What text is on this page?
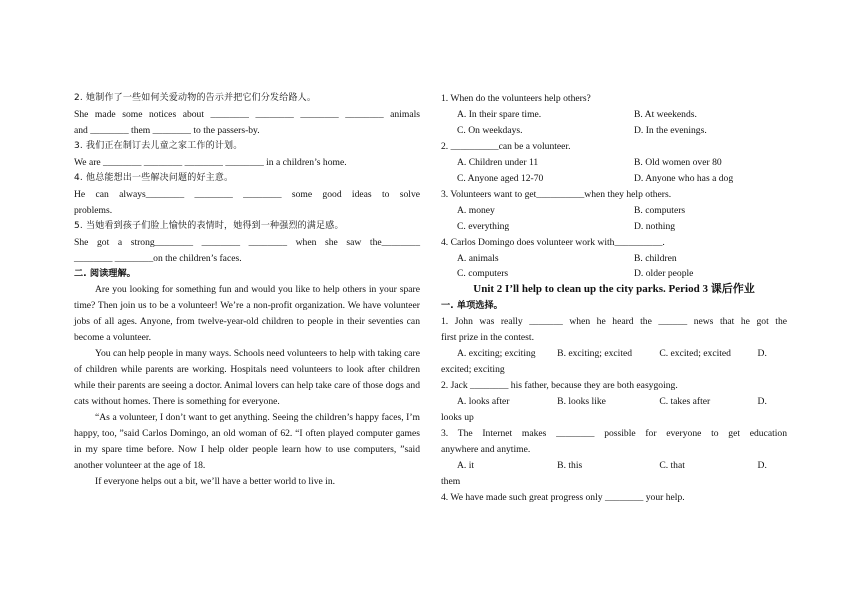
2. 她制作了一些如何关爱动物的告示并把它们分发给路人。
She made some notices about ________ ________ ________ ________ animals
and ________ them ________ to the passers-by.
3. 我们正在制订去儿童之家工作的计划。
We are ________ ________ ________ ________ in a children’s home.
4. 他总能想出一些解决问题的好主意。
He can always________ ________ ________ some good ideas to solve
problems.
5. 当她看到孩子们脸上愉快的表情时，她得到一种强烈的满足感。
She got a strong________ ________ ________ when she saw the________
________ ________on the children’s faces.
二. 阅读理解。
Are you looking for something fun and would you like to help others in your spare time? Then join us to be a volunteer! We’re a non-profit organization. We have volunteer jobs of all ages. Anyone, from twelve-year-old children to people in their seventies can become a volunteer.
You can help people in many ways. Schools need volunteers to help with taking care of children while parents are working. Hospitals need volunteers to look after children while their parents are seeing a doctor. Animal lovers can help take care of those dogs and cats without homes. There is something for everyone.
“As a volunteer, I don’t want to get anything. Seeing the children’s happy faces, I’m happy, too, ”said Carlos Domingo, an old woman of 62. “I often played computer games in my spare time before. Now I help older people learn how to use computers, ”said another volunteer at the age of 18.
If everyone helps out a bit, we’ll have a better world to live in.
1. When do the volunteers help others?
A. In their spare time.	B. At weekends.
C. On weekdays.	D. In the evenings.
2. __________can be a volunteer.
A. Children under 11	B. Old women over 80
C. Anyone aged 12-70	D. Anyone who has a dog
3. Volunteers want to get__________when they help others.
A. money	B. computers
C. everything	D. nothing
4. Carlos Domingo does volunteer work with__________.
A. animals	B. children
C. computers	D. older people
Unit 2 I’ll help to clean up the city parks. Period 3 课后作业
一. 单项选择。
1. John was really _______ when he heard the ______ news that he got the
first prize in the contest.
A. exciting; exciting	B. exciting; excited	C. excited; excited	D.
excited; exciting
2. Jack ________ his father, because they are both easygoing.
A. looks after	B. looks like	C. takes after	D.
looks up
3. The Internet makes ________ possible for everyone to get education
anywhere and anytime.
A. it	B. this	C. that	D.
them
4. We have made such great progress only ________ your help.
